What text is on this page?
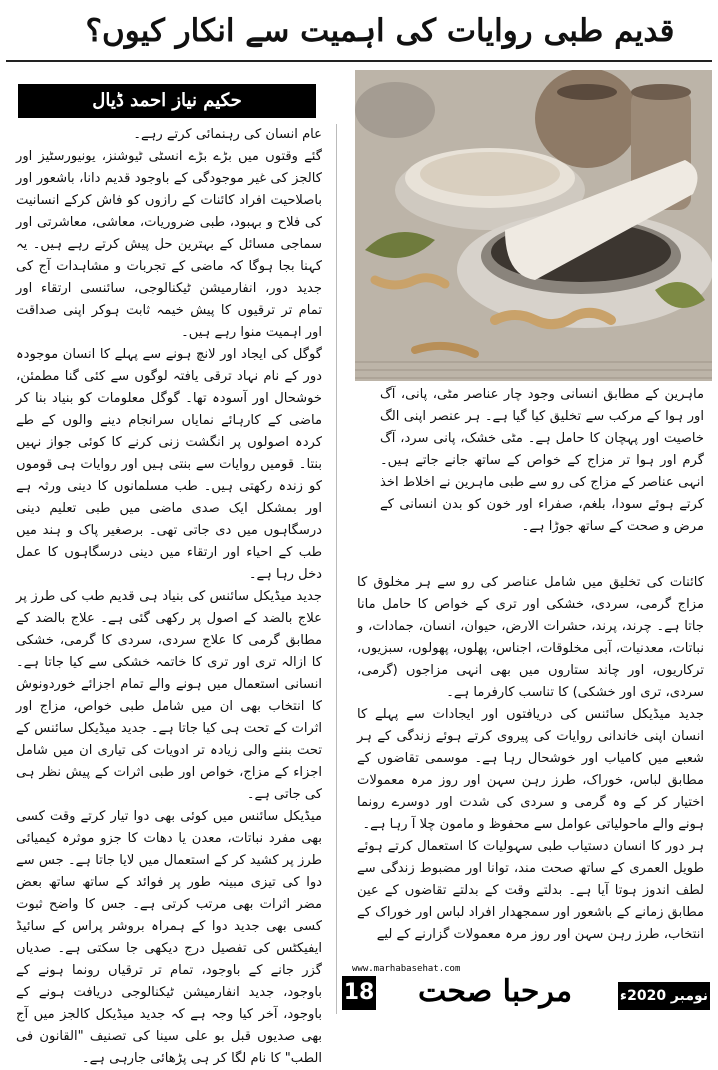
قدیم طبی روایات کی اہمیت سے انکار کیوں؟
حکیم نیاز احمد ڈیال

عام انسان کی رہنمائی کرتے رہے۔

گئے وقتوں میں بڑے بڑے انسٹی ٹیوشنز، یونیورسٹیز اور کالجز کی غیر موجودگی کے باوجود قدیم دانا، باشعور اور باصلاحیت افراد کائنات کے رازوں کو فاش کرکے انسانیت کی فلاح و بہبود، طبی ضروریات، معاشی، معاشرتی اور سماجی مسائل کے بہترین حل پیش کرتے رہے ہیں۔ یہ کہنا بجا ہوگا کہ ماضی کے تجربات و مشاہدات آج کی جدید دور، انفارمیشن ٹیکنالوجی، سائنسی ارتقاء اور تمام تر ترقیوں کا پیش خیمہ ثابت ہوکر اپنی صداقت اور اہمیت منوا رہے ہیں۔

گوگل کی ایجاد اور لانچ ہونے سے پہلے کا انسان موجودہ دور کے نام نہاد ترقی یافتہ لوگوں سے کئی گنا مطمئن، خوشحال اور آسودہ تھا۔ گوگل معلومات کو بنیاد بنا کر ماضی کے کارہائے نمایاں سرانجام دینے والوں کے طے کردہ اصولوں پر انگشت زنی کرنے کا کوئی جواز نہیں بنتا۔ قومیں روایات سے بنتی ہیں اور روایات ہی قوموں کو زندہ رکھتی ہیں۔ طب مسلمانوں کا دینی ورثہ ہے اور بمشکل ایک صدی ماضی میں طبی تعلیم دینی درسگاہوں میں دی جاتی تھی۔ برصغیر پاک و ہند میں طب کے احیاء اور ارتقاء میں دینی درسگاہوں کا عمل دخل رہا ہے۔

جدید میڈیکل سائنس کی بنیاد ہی قدیم طب کی طرز پر علاج بالضد کے اصول پر رکھی گئی ہے۔ علاج بالضد کے مطابق گرمی کا علاج سردی، سردی کا گرمی، خشکی کا ازالہ تری اور تری کا خاتمہ خشکی سے کیا جاتا ہے۔ انسانی استعمال میں ہونے والے تمام اجزائے خوردونوش کا انتخاب بھی ان میں شامل طبی خواص، مزاج اور اثرات کے تحت ہی کیا جاتا ہے۔ جدید میڈیکل سائنس کے تحت بننے والی زیادہ تر ادویات کی تیاری ان میں شامل اجزاء کے مزاج، خواص اور طبی اثرات کے پیش نظر ہی کی جاتی ہے۔

میڈیکل سائنس میں کوئی بھی دوا تیار کرتے وقت کسی بھی مفرد نباتات، معدن یا دھات کا جزو موثرہ کیمیائی طرز پر کشید کر کے استعمال میں لایا جاتا ہے۔ جس سے دوا کی تیزی مبینہ طور پر فوائد کے ساتھ ساتھ بعض مضر اثرات بھی مرتب کرتی ہے۔ جس کا واضح ثبوت کسی بھی جدید دوا کے ہمراہ بروشر پراس کے سائیڈ ایفیکٹس کی تفصیل درج دیکھی جا سکتی ہے۔ صدیاں گزر جانے کے باوجود، تمام تر ترقیاں رونما ہونے کے باوجود، جدید انفارمیشن ٹیکنالوجی دریافت ہونے کے باوجود، آخر کیا وجہ ہے کہ جدید میڈیکل کالجز میں آج بھی صدیوں قبل بو علی سینا کی تصنیف "القانون فی الطب" کا نام لگا کر ہی پڑھائی جارہی ہے۔

ماہرین کے مطابق انسانی وجود چار عناصر مٹی، پانی، آگ اور ہوا کے مرکب سے تخلیق کیا گیا ہے۔ ہر عنصر اپنی الگ خاصیت اور پہچان کا حامل ہے۔ مٹی خشک، پانی سرد، آگ گرم اور ہوا تر مزاج کے خواص کے ساتھ جانے جاتے ہیں۔ انہی عناصر کے مزاج کی رو سے طبی ماہرین نے اخلاط اخذ کرتے ہوئے سودا، بلغم، صفراء اور خون کو بدن انسانی کے مرض و صحت کے ساتھ جوڑا ہے۔

کائنات کی تخلیق میں شامل عناصر کی رو سے ہر مخلوق کا مزاج گرمی، سردی، خشکی اور تری کے خواص کا حامل مانا جاتا ہے۔ چرند، پرند، حشرات الارض، حیوان، انسان، جمادات، و نباتات، معدنیات، آبی مخلوقات، اجناس، پھلوں، پھولوں، سبزیوں، ترکاریوں، اور چاند ستاروں میں بھی انہی مزاجوں (گرمی، سردی، تری اور خشکی) کا تناسب کارفرما ہے۔

جدید میڈیکل سائنس کی دریافتوں اور ایجادات سے پہلے کا انسان اپنی خاندانی روایات کی پیروی کرتے ہوئے زندگی کے ہر شعبے میں کامیاب اور خوشحال رہا ہے۔ موسمی تقاضوں کے مطابق لباس، خوراک، طرز رہن سہن اور روز مرہ معمولات اختیار کر کے وہ گرمی و سردی کی شدت اور دوسرے رونما ہونے والے ماحولیاتی عوامل سے محفوظ و مامون چلا آ رہا ہے۔

ہر دور کا انسان دستیاب طبی سہولیات کا استعمال کرتے ہوئے طویل العمری کے ساتھ صحت مند، توانا اور مضبوط زندگی سے لطف اندوز ہوتا آیا ہے۔ بدلتے وقت کے بدلتے تقاضوں کے عین مطابق زمانے کے باشعور اور سمجھدار افراد لباس اور خوراک کے انتخاب، طرز رہن سہن اور روز مرہ معمولات گزارنے کے لیے

www.marhabasehat.com
18	مرحبا صحت	نومبر 2020ء
